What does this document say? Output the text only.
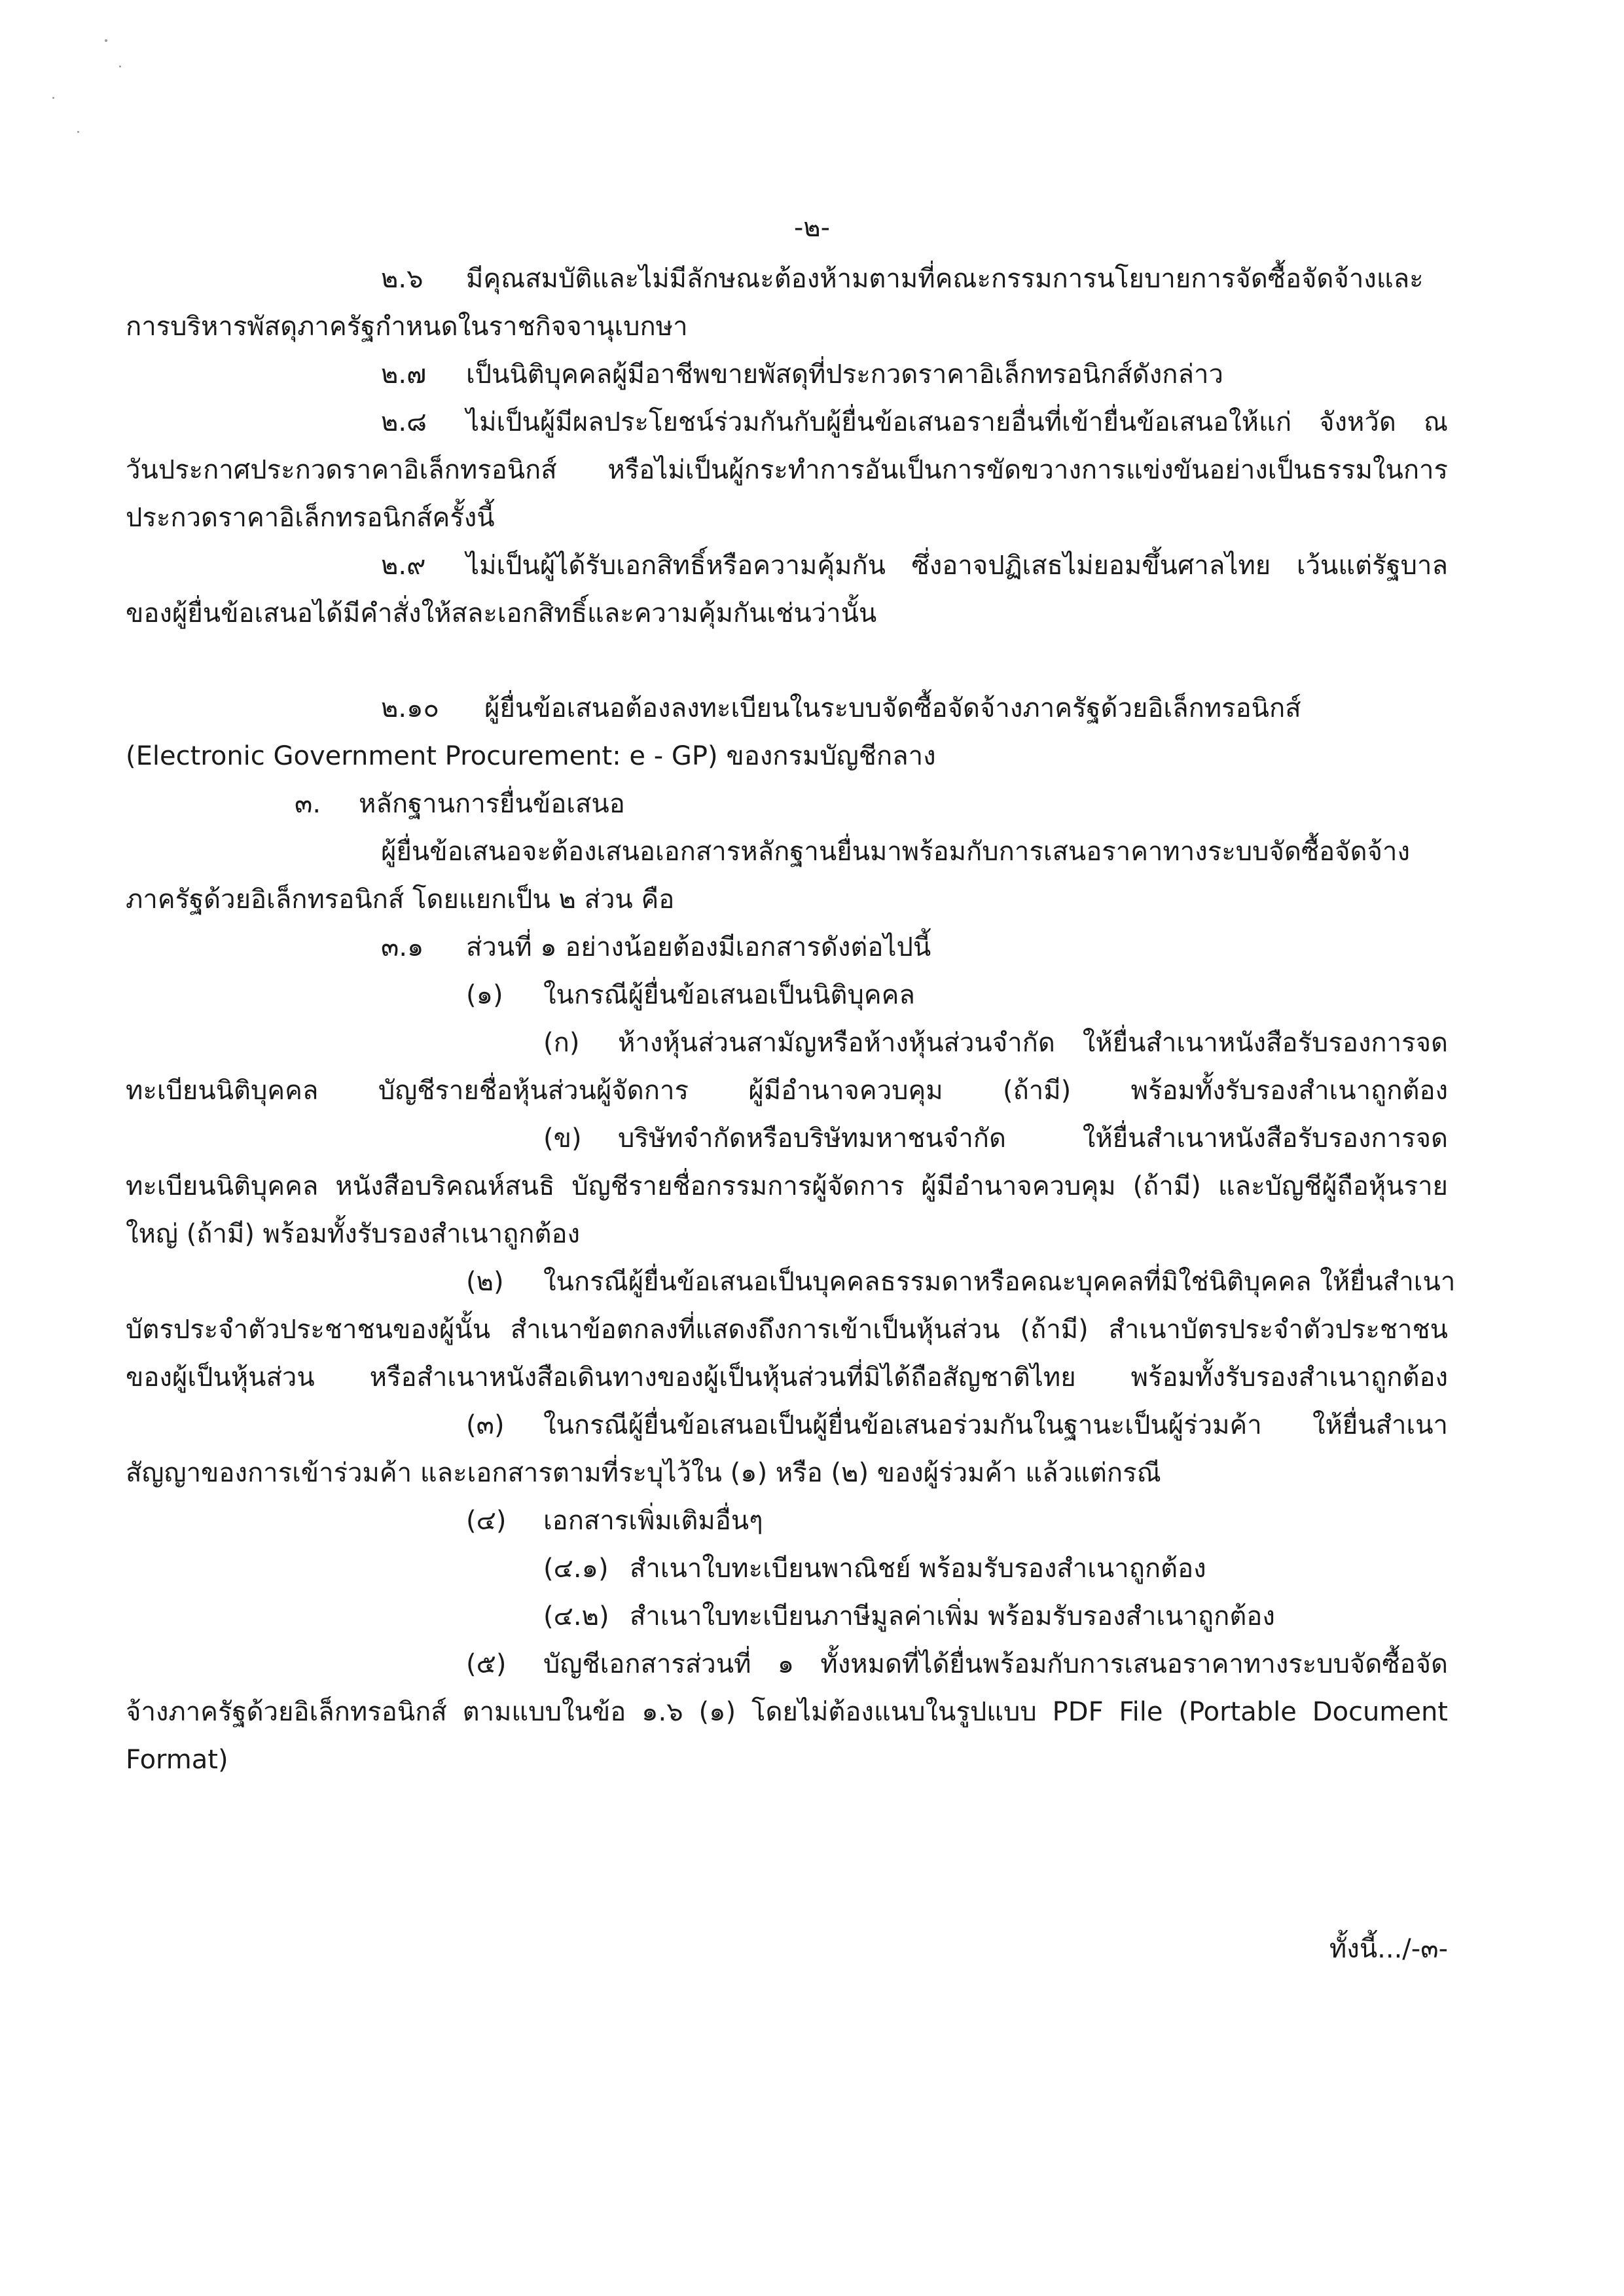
-๒-

๒.๖ มีคุณสมบัติและไม่มีลักษณะต้องห้ามตามที่คณะกรรมการนโยบายการจัดซื้อจัดจ้างและ

การบริหารพัสดุภาครัฐกำหนดในราชกิจจานุเบกษา

๒.๗ เป็นนิติบุคคลผู้มีอาชีพขายพัสดุที่ประกวดราคาอิเล็กทรอนิกส์ดังกล่าว

๒.๘ ไม่เป็นผู้มีผลประโยชน์ร่วมกันกับผู้ยื่นข้อเสนอรายอื่นที่เข้ายื่นข้อเสนอให้แก่ จังหวัด ณ

วันประกาศประกวดราคาอิเล็กทรอนิกส์ หรือไม่เป็นผู้กระทำการอันเป็นการขัดขวางการแข่งขันอย่างเป็นธรรมในการ

ประกวดราคาอิเล็กทรอนิกส์ครั้งนี้

๒.๙ ไม่เป็นผู้ได้รับเอกสิทธิ์หรือความคุ้มกัน ซึ่งอาจปฏิเสธไม่ยอมขึ้นศาลไทย เว้นแต่รัฐบาล

ของผู้ยื่นข้อเสนอได้มีคำสั่งให้สละเอกสิทธิ์และความคุ้มกันเช่นว่านั้น

๒.๑๐ ผู้ยื่นข้อเสนอต้องลงทะเบียนในระบบจัดซื้อจัดจ้างภาครัฐด้วยอิเล็กทรอนิกส์

(Electronic Government Procurement: e - GP) ของกรมบัญชีกลาง

๓. หลักฐานการยื่นข้อเสนอ

ผู้ยื่นข้อเสนอจะต้องเสนอเอกสารหลักฐานยื่นมาพร้อมกับการเสนอราคาทางระบบจัดซื้อจัดจ้าง

ภาครัฐด้วยอิเล็กทรอนิกส์ โดยแยกเป็น ๒ ส่วน คือ

๓.๑ ส่วนที่ ๑ อย่างน้อยต้องมีเอกสารดังต่อไปนี้

(๑) ในกรณีผู้ยื่นข้อเสนอเป็นนิติบุคคล

(ก) ห้างหุ้นส่วนสามัญหรือห้างหุ้นส่วนจำกัด ให้ยื่นสำเนาหนังสือรับรองการจด

ทะเบียนนิติบุคคล บัญชีรายชื่อหุ้นส่วนผู้จัดการ ผู้มีอำนาจควบคุม (ถ้ามี) พร้อมทั้งรับรองสำเนาถูกต้อง

(ข) บริษัทจำกัดหรือบริษัทมหาชนจำกัด ให้ยื่นสำเนาหนังสือรับรองการจด

ทะเบียนนิติบุคคล หนังสือบริคณห์สนธิ บัญชีรายชื่อกรรมการผู้จัดการ ผู้มีอำนาจควบคุม (ถ้ามี) และบัญชีผู้ถือหุ้นราย

ใหญ่ (ถ้ามี) พร้อมทั้งรับรองสำเนาถูกต้อง

(๒) ในกรณีผู้ยื่นข้อเสนอเป็นบุคคลธรรมดาหรือคณะบุคคลที่มิใช่นิติบุคคล ให้ยื่นสำเนา

บัตรประจำตัวประชาชนของผู้นั้น สำเนาข้อตกลงที่แสดงถึงการเข้าเป็นหุ้นส่วน (ถ้ามี) สำเนาบัตรประจำตัวประชาชน

ของผู้เป็นหุ้นส่วน หรือสำเนาหนังสือเดินทางของผู้เป็นหุ้นส่วนที่มิได้ถือสัญชาติไทย พร้อมทั้งรับรองสำเนาถูกต้อง

(๓) ในกรณีผู้ยื่นข้อเสนอเป็นผู้ยื่นข้อเสนอร่วมกันในฐานะเป็นผู้ร่วมค้า ให้ยื่นสำเนา

สัญญาของการเข้าร่วมค้า และเอกสารตามที่ระบุไว้ใน (๑) หรือ (๒) ของผู้ร่วมค้า แล้วแต่กรณี

(๔) เอกสารเพิ่มเติมอื่นๆ

(๔.๑) สำเนาใบทะเบียนพาณิชย์ พร้อมรับรองสำเนาถูกต้อง

(๔.๒) สำเนาใบทะเบียนภาษีมูลค่าเพิ่ม พร้อมรับรองสำเนาถูกต้อง

(๕) บัญชีเอกสารส่วนที่ ๑ ทั้งหมดที่ได้ยื่นพร้อมกับการเสนอราคาทางระบบจัดซื้อจัด

จ้างภาครัฐด้วยอิเล็กทรอนิกส์ ตามแบบในข้อ ๑.๖ (๑) โดยไม่ต้องแนบในรูปแบบ PDF File (Portable Document

Format)

ทั้งนี้.../-๓-
